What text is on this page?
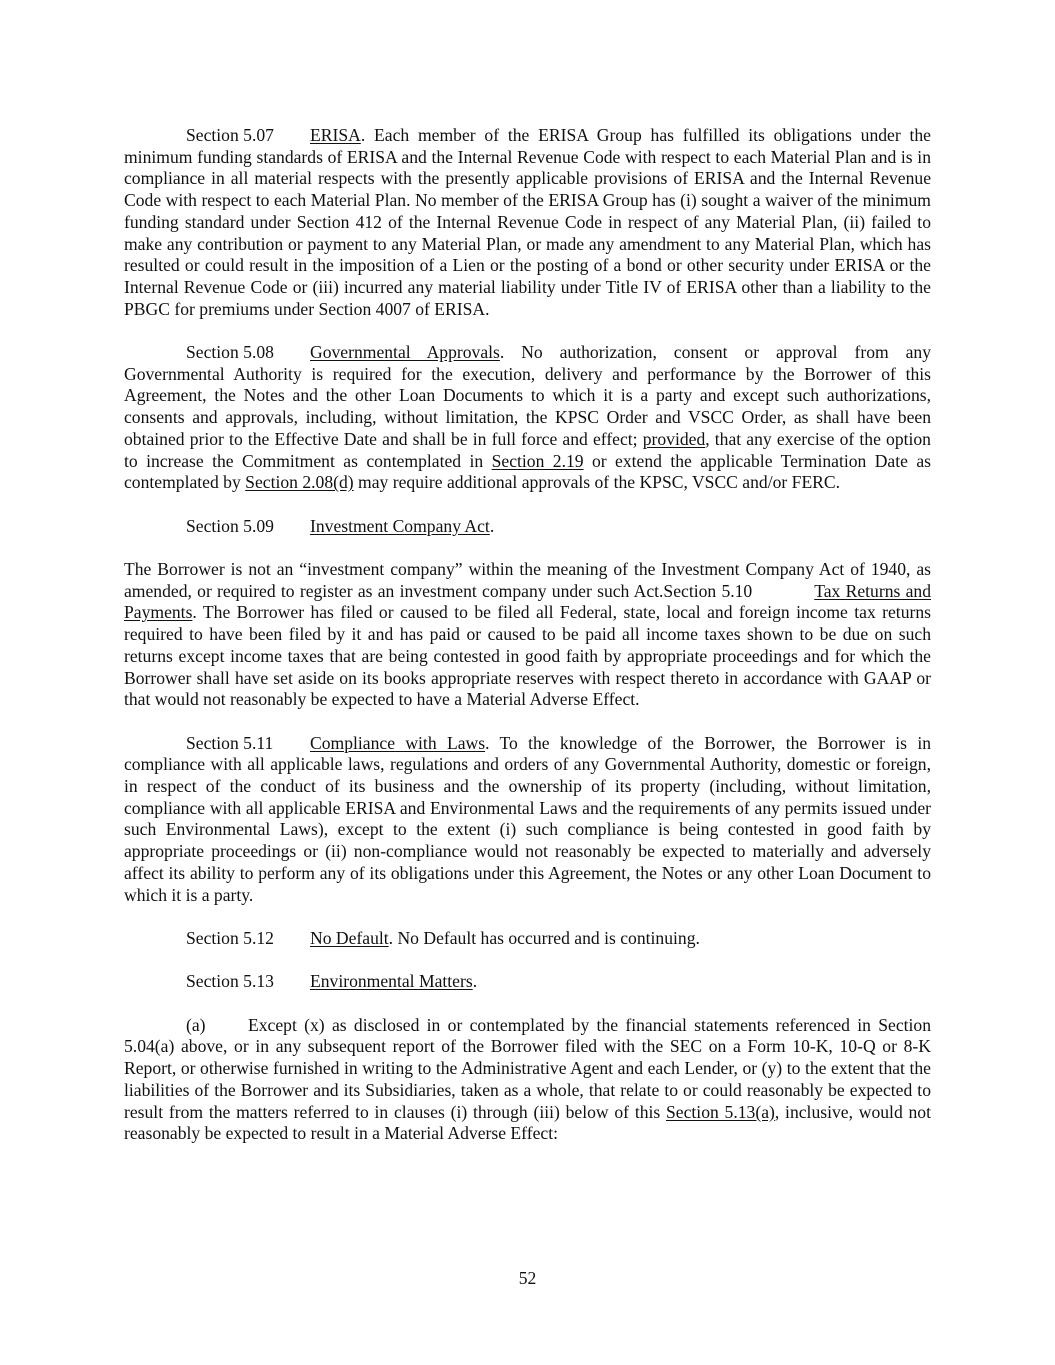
Section 5.07 ERISA. Each member of the ERISA Group has fulfilled its obligations under the minimum funding standards of ERISA and the Internal Revenue Code with respect to each Material Plan and is in compliance in all material respects with the presently applicable provisions of ERISA and the Internal Revenue Code with respect to each Material Plan. No member of the ERISA Group has (i) sought a waiver of the minimum funding standard under Section 412 of the Internal Revenue Code in respect of any Material Plan, (ii) failed to make any contribution or payment to any Material Plan, or made any amendment to any Material Plan, which has resulted or could result in the imposition of a Lien or the posting of a bond or other security under ERISA or the Internal Revenue Code or (iii) incurred any material liability under Title IV of ERISA other than a liability to the PBGC for premiums under Section 4007 of ERISA.

Section 5.08 Governmental Approvals. No authorization, consent or approval from any Governmental Authority is required for the execution, delivery and performance by the Borrower of this Agreement, the Notes and the other Loan Documents to which it is a party and except such authorizations, consents and approvals, including, without limitation, the KPSC Order and VSCC Order, as shall have been obtained prior to the Effective Date and shall be in full force and effect; provided, that any exercise of the option to increase the Commitment as contemplated in Section 2.19 or extend the applicable Termination Date as contemplated by Section 2.08(d) may require additional approvals of the KPSC, VSCC and/or FERC.

Section 5.09 Investment Company Act.

The Borrower is not an “investment company” within the meaning of the Investment Company Act of 1940, as amended, or required to register as an investment company under such Act.Section 5.10	Tax Returns and Payments. The Borrower has filed or caused to be filed all Federal, state, local and foreign income tax returns required to have been filed by it and has paid or caused to be paid all income taxes shown to be due on such returns except income taxes that are being contested in good faith by appropriate proceedings and for which the Borrower shall have set aside on its books appropriate reserves with respect thereto in accordance with GAAP or that would not reasonably be expected to have a Material Adverse Effect.

Section 5.11 Compliance with Laws. To the knowledge of the Borrower, the Borrower is in compliance with all applicable laws, regulations and orders of any Governmental Authority, domestic or foreign, in respect of the conduct of its business and the ownership of its property (including, without limitation, compliance with all applicable ERISA and Environmental Laws and the requirements of any permits issued under such Environmental Laws), except to the extent (i) such compliance is being contested in good faith by appropriate proceedings or (ii) non-compliance would not reasonably be expected to materially and adversely affect its ability to perform any of its obligations under this Agreement, the Notes or any other Loan Document to which it is a party.

Section 5.12 No Default. No Default has occurred and is continuing.

Section 5.13 Environmental Matters.

(a) Except (x) as disclosed in or contemplated by the financial statements referenced in Section 5.04(a) above, or in any subsequent report of the Borrower filed with the SEC on a Form 10-K, 10-Q or 8-K Report, or otherwise furnished in writing to the Administrative Agent and each Lender, or (y) to the extent that the liabilities of the Borrower and its Subsidiaries, taken as a whole, that relate to or could reasonably be expected to result from the matters referred to in clauses (i) through (iii) below of this Section 5.13(a), inclusive, would not reasonably be expected to result in a Material Adverse Effect:

52
